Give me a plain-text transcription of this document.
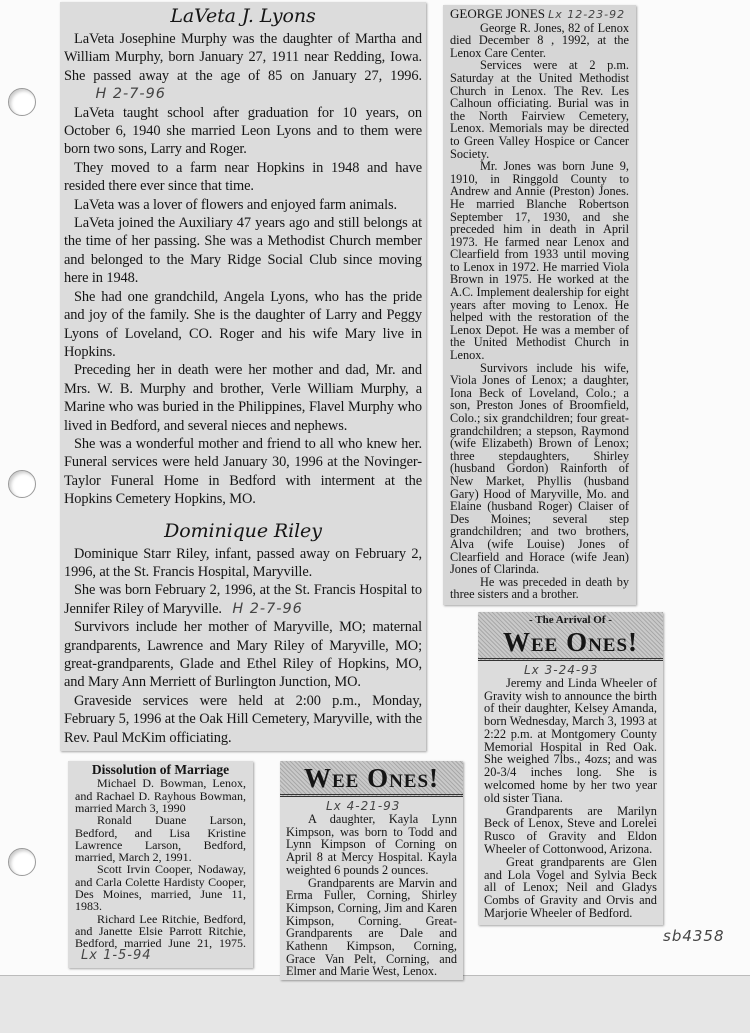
LaVeta J. Lyons

LaVeta Josephine Murphy was the daughter of Martha and William Murphy, born January 27, 1911 near Redding, Iowa. She passed away at the age of 85 on January 27, 1996.          H 2-7-96

LaVeta taught school after graduation for 10 years, on October 6, 1940 she married Leon Lyons and to them were born two sons, Larry and Roger.

They moved to a farm near Hopkins in 1948 and have resided there ever since that time.

LaVeta was a lover of flowers and enjoyed farm animals.

LaVeta joined the Auxiliary 47 years ago and still belongs at the time of her passing. She was a Methodist Church member and belonged to the Mary Ridge Social Club since moving here in 1948.

She had one grandchild, Angela Lyons, who has the pride and joy of the family. She is the daughter of Larry and Peggy Lyons of Loveland, CO. Roger and his wife Mary live in Hopkins.

Preceding her in death were her mother and dad, Mr. and Mrs. W. B. Murphy and brother, Verle William Murphy, a Marine who was buried in the Philippines, Flavel Murphy who lived in Bedford, and several nieces and nephews.

She was a wonderful mother and friend to all who knew her. Funeral services were held January 30, 1996 at the Novinger-Taylor Funeral Home in Bedford with interment at the Hopkins Cemetery Hopkins, MO.

Dominique Riley

Dominique Starr Riley, infant, passed away on February 2, 1996, at the St. Francis Hospital, Maryville.

She was born February 2, 1996, at the St. Francis Hospital to Jennifer Riley of Maryville. H 2-7-96

Survivors include her mother of Maryville, MO; maternal grandparents, Lawrence and Mary Riley of Maryville, MO; great-grandparents, Glade and Ethel Riley of Hopkins, MO, and Mary Ann Merriett of Burlington Junction, MO.

Graveside services were held at 2:00 p.m., Monday, February 5, 1996 at the Oak Hill Cemetery, Maryville, with the Rev. Paul McKim officiating.

Dissolution of Marriage

Michael D. Bowman, Lenox, and Rachael D. Rayhous Bowman, married March 3, 1990

Ronald Duane Larson, Bedford, and Lisa Kristine Lawrence Larson, Bedford, married, March 2, 1991.

Scott Irvin Cooper, Nodaway, and Carla Colette Hardisty Cooper, Des Moines, married, June 11, 1983.

Richard Lee Ritchie, Bedford, and Janette Elsie Parrott Ritchie, Bedford, married June 21, 1975.   Lx 1-5-94

Wee Ones!
Lx 4-21-93

A daughter, Kayla Lynn Kimpson, was born to Todd and Lynn Kimpson of Corning on April 8 at Mercy Hospital. Kayla weighted 6 pounds 2 ounces.

Grandparents are Marvin and Erma Fuller, Corning, Shirley Kimpson, Corning, Jim and Karen Kimpson, Corning. Great-Grandparents are Dale and Kathenn Kimpson, Corning, Grace Van Pelt, Corning, and Elmer and Marie West, Lenox.

GEORGE JONES Lx 12-23-92

George R. Jones, 82 of Lenox died December 8 , 1992, at the Lenox Care Center.

Services were at 2 p.m. Saturday at the United Methodist Church in Lenox. The Rev. Les Calhoun officiating. Burial was in the North Fairview Cemetery, Lenox. Memorials may be directed to Green Valley Hospice or Cancer Society.

Mr. Jones was born June 9, 1910, in Ringgold County to Andrew and Annie (Preston) Jones. He married Blanche Robertson September 17, 1930, and she preceded him in death in April 1973. He farmed near Lenox and Clearfield from 1933 until moving to Lenox in 1972. He married Viola Brown in 1975. He worked at the A.C. Implement dealership for eight years after moving to Lenox. He helped with the restoration of the Lenox Depot. He was a member of the United Methodist Church in Lenox.

Survivors include his wife, Viola Jones of Lenox; a daughter, Iona Beck of Loveland, Colo.; a son, Preston Jones of Broomfield, Colo.; six grandchildren; four great-grandchildren; a stepson, Raymond (wife Elizabeth) Brown of Lenox; three stepdaughters, Shirley (husband Gordon) Rainforth of New Market, Phyllis (husband Gary) Hood of Maryville, Mo. and Elaine (husband Roger) Claiser of Des Moines; several step grandchildren; and two brothers, Alva (wife Louise) Jones of Clearfield and Horace (wife Jean) Jones of Clarinda.

He was preceded in death by three sisters and a brother.

- The Arrival Of -
Wee Ones!
Lx 3-24-93

Jeremy and Linda Wheeler of Gravity wish to announce the birth of their daughter, Kelsey Amanda, born Wednesday, March 3, 1993 at 2:22 p.m. at Montgomery County Memorial Hospital in Red Oak. She weighed 7lbs., 4ozs; and was 20-3/4 inches long. She is welcomed home by her two year old sister Tiana.

Grandparents are Marilyn Beck of Lenox, Steve and Lorelei Rusco of Gravity and Eldon Wheeler of Cottonwood, Arizona.

Great grandparents are Glen and Lola Vogel and Sylvia Beck all of Lenox; Neil and Gladys Combs of Gravity and Orvis and Marjorie Wheeler of Bedford.

sb4358
